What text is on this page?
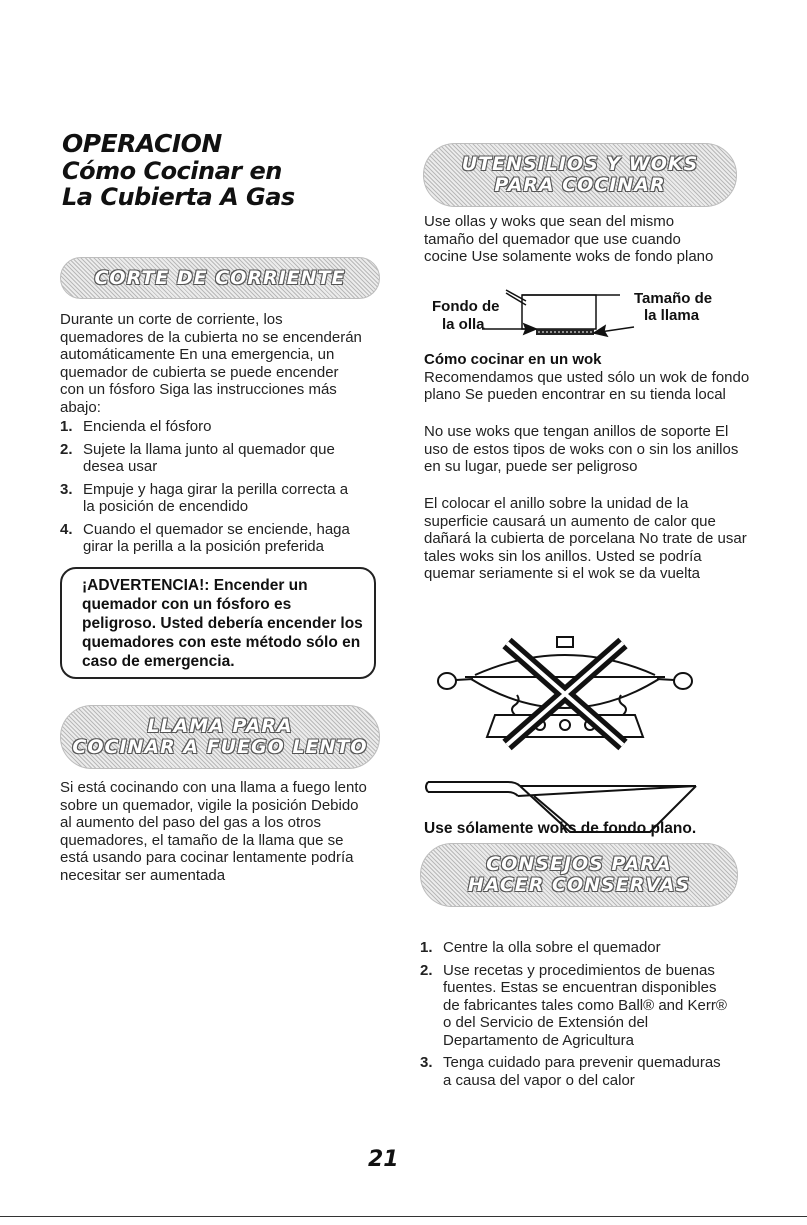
OPERACION
Cómo Cocinar en
La Cubierta A Gas
CORTE DE CORRIENTE

Durante un corte de corriente, los quemadores de la cubierta no se encenderán automáticamente En una emergencia, un quemador de cubierta se puede encender con un fósforo Siga las instrucciones más abajo:

1. Encienda el fósforo
2. Sujete la llama junto al quemador que desea usar
3. Empuje y haga girar la perilla correcta a la posición de encendido
4. Cuando el quemador se enciende, haga girar la perilla a la posición preferida
¡ADVERTENCIA!: Encender un quemador con un fósforo es peligroso. Usted debería encender los quemadores con este método sólo en caso de emergencia.
LLAMA PARA
COCINAR A FUEGO LENTO

Si está cocinando con una llama a fuego lento sobre un quemador, vigile la posición Debido al aumento del paso del gas a los otros quemadores, el tamaño de la llama que se está usando para cocinar lentamente podría necesitar ser aumentada

UTENSILIOS Y WOKS
PARA COCINAR

Use ollas y woks que sean del mismo tamaño del quemador que use cuando cocine Use solamente woks de fondo plano

Fondo de
la olla
Tamaño de
la llama

Cómo cocinar en un wok
Recomendamos que usted sólo un wok de fondo plano Se pueden encontrar en su tienda local

No use woks que tengan anillos de soporte El uso de estos tipos de woks con o sin los anillos en su lugar, puede ser peligroso

El colocar el anillo sobre la unidad de la superficie causará un aumento de calor que dañará la cubierta de porcelana No trate de usar tales woks sin los anillos. Usted se podría quemar seriamente si el wok se da vuelta

Use sólamente woks de fondo plano.
CONSEJOS PARA
HACER CONSERVAS
1. Centre la olla sobre el quemador
2. Use recetas y procedimientos de buenas fuentes. Estas se encuentran disponibles de fabricantes tales como Ball® and Kerr® o del Servicio de Extensión del Departamento de Agricultura
3. Tenga cuidado para prevenir quemaduras a causa del vapor o del calor
21
